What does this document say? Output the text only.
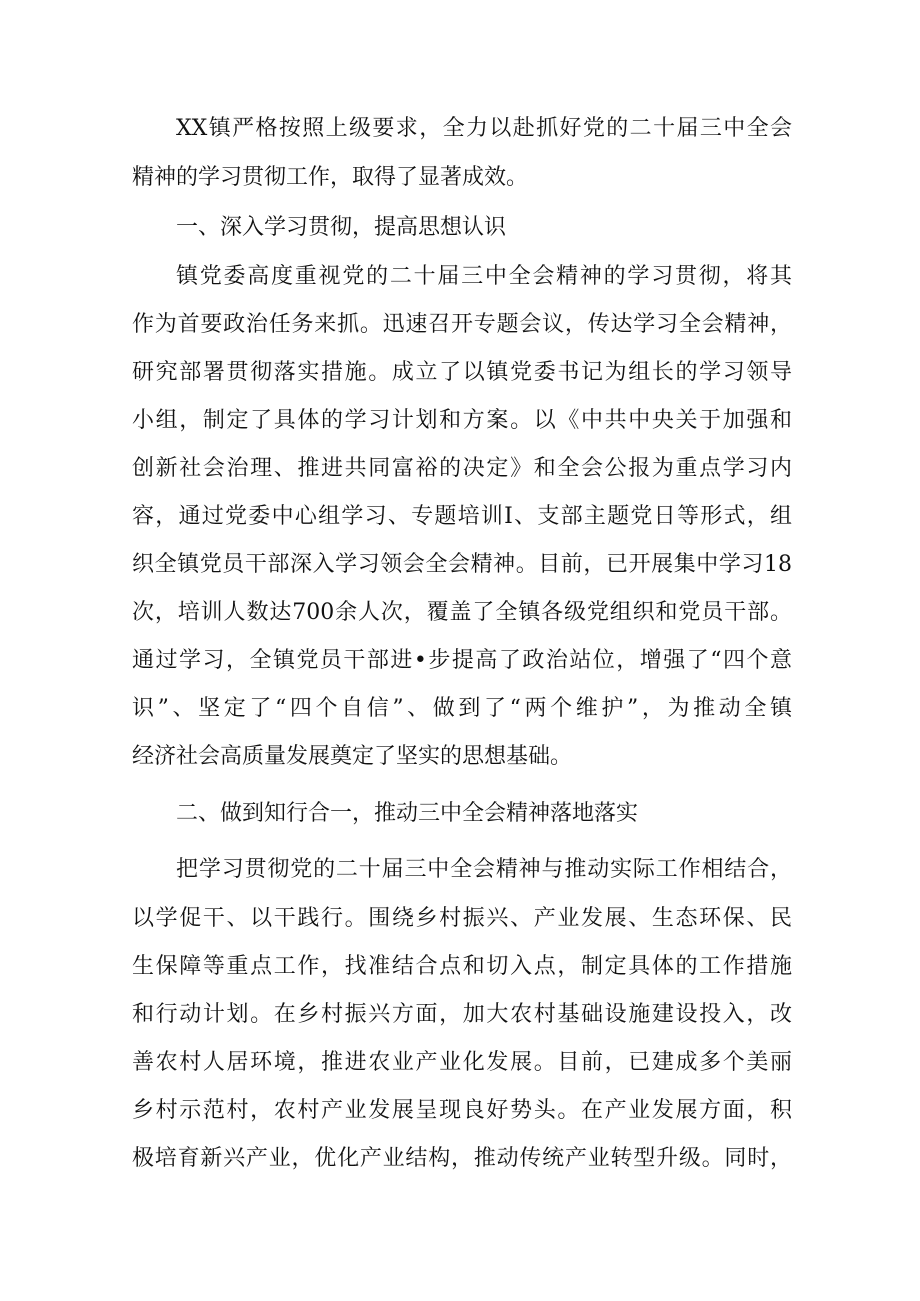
XX镇严格按照上级要求，全力以赴抓好党的二十届三中全会

精神的学习贯彻工作，取得了显著成效。

一、深入学习贯彻，提高思想认识

镇党委高度重视党的二十届三中全会精神的学习贯彻，将其

作为首要政治任务来抓。迅速召开专题会议，传达学习全会精神，

研究部署贯彻落实措施。成立了以镇党委书记为组长的学习领导

小组，制定了具体的学习计划和方案。以《中共中央关于加强和

创新社会治理、推进共同富裕的决定》和全会公报为重点学习内

容，通过党委中心组学习、专题培训I、支部主题党日等形式，组

织全镇党员干部深入学习领会全会精神。目前，已开展集中学习18

次，培训人数达700余人次，覆盖了全镇各级党组织和党员干部。

通过学习，全镇党员干部进•步提高了政治站位，增强了“四个意

识”、坚定了“四个自信”、做到了“两个维护”，为推动全镇

经济社会高质量发展奠定了坚实的思想基础。

二、做到知行合一，推动三中全会精神落地落实

把学习贯彻党的二十届三中全会精神与推动实际工作相结合，

以学促干、以干践行。围绕乡村振兴、产业发展、生态环保、民

生保障等重点工作，找准结合点和切入点，制定具体的工作措施

和行动计划。在乡村振兴方面，加大农村基础设施建设投入，改

善农村人居环境，推进农业产业化发展。目前，已建成多个美丽

乡村示范村，农村产业发展呈现良好势头。在产业发展方面，积

极培育新兴产业，优化产业结构，推动传统产业转型升级。同时，
